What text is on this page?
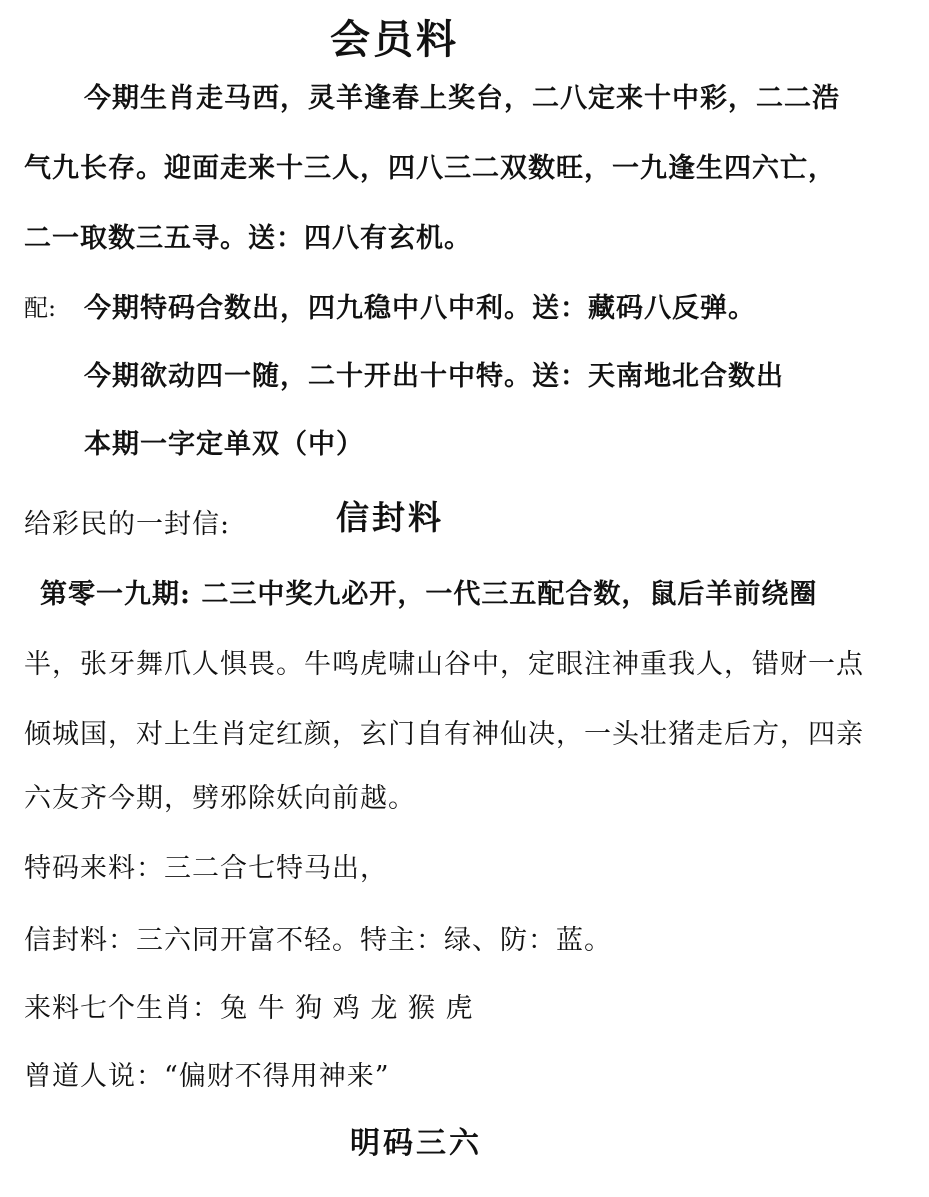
会员料
今期生肖走马西，灵羊逢春上奖台，二八定来十中彩，二二浩
气九长存。迎面走来十三人，四八三二双数旺，一九逢生四六亡，
二一取数三五寻。送：四八有玄机。
配: 今期特码合数出，四九稳中八中利。送：藏码八反弹。
今期欲动四一随，二十开出十中特。送：天南地北合数出
本期一字定单双（中）
给彩民的一封信:	信封料
第零一九期: 二三中奖九必开，一代三五配合数，鼠后羊前绕圈
半，张牙舞爪人惧畏。牛鸣虎啸山谷中，定眼注神重我人，错财一点
倾城国，对上生肖定红颜，玄门自有神仙决，一头壮猪走后方，四亲
六友齐今期，劈邪除妖向前越。
特码来料：三二合七特马出，
信封料：三六同开富不轻。特主：绿、防：蓝。
来料七个生肖：兔 牛 狗 鸡 龙 猴 虎
曾道人说：“偏财不得用神来”
明码三六
